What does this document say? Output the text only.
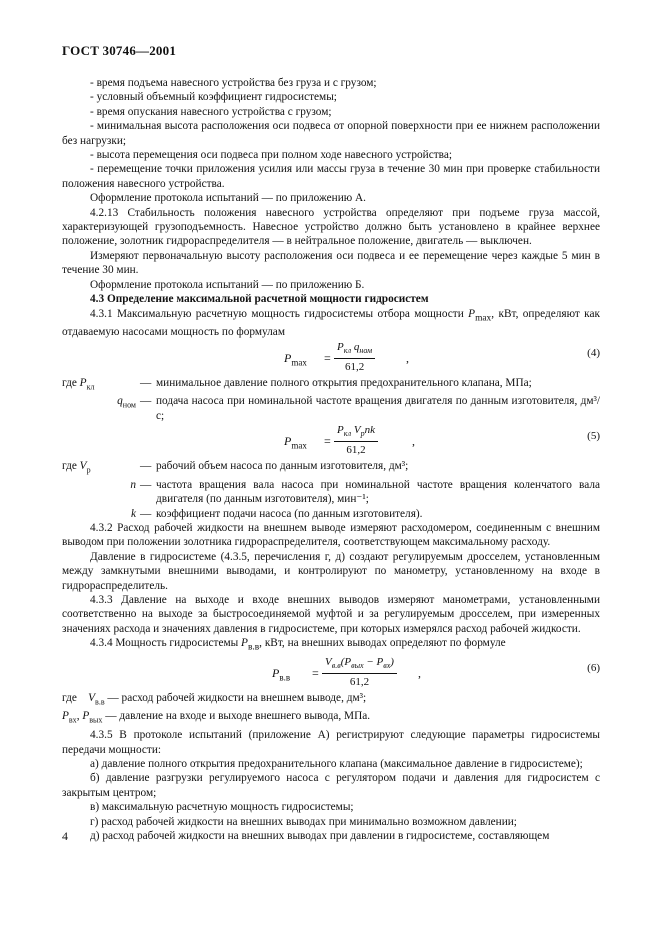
ГОСТ 30746—2001

- время подъема навесного устройства без груза и с грузом;

- условный объемный коэффициент гидросистемы;

- время опускания навесного устройства с грузом;

- минимальная высота расположения оси подвеса от опорной поверхности при ее нижнем расположении без нагрузки;

- высота перемещения оси подвеса при полном ходе навесного устройства;

- перемещение точки приложения усилия или массы груза в течение 30 мин при проверке стабильности положения навесного устройства.

Оформление протокола испытаний — по приложению А.

4.2.13 Стабильность положения навесного устройства определяют при подъеме груза массой, характеризующей грузоподъемность. Навесное устройство должно быть установлено в крайнее верхнее положение, золотник гидрораспределителя — в нейтральное положение, двигатель — выключен.

Измеряют первоначальную высоту расположения оси подвеса и ее перемещение через каждые 5 мин в течение 30 мин.

Оформление протокола испытаний — по приложению Б.

4.3 Определение максимальной расчетной мощности гидросистем

4.3.1 Максимальную расчетную мощность гидросистемы отбора мощности $P_{max}$, кВт, определяют как отдаваемую насосами мощность по формулам

$P_{max}$ =
$P_{кл}$ $q_{ном}$
61,2
,	(4)
где $P_{кл}$	— минимальное давление полного открытия предохранительного клапана, МПа;
$q_{ном}$ — подача насоса при номинальной частоте вращения двигателя по данным изготовителя, дм³/с;
$P_{max}$ =
$P_{кл}$ $V_рnk$
61,2
,	(5)
где $V_р$	— рабочий объем насоса по данным изготовителя, дм³;
n — частота вращения вала насоса при номинальной частоте вращения коленчатого вала двигателя (по данным изготовителя), мин⁻¹;
k — коэффициент подачи насоса (по данным изготовителя).

4.3.2 Расход рабочей жидкости на внешнем выводе измеряют расходомером, соединенным с внешним выводом при положении золотника гидрораспределителя, соответствующем максимальному расходу.

Давление в гидросистеме (4.3.5, перечисления г, д) создают регулируемым дросселем, установленным между замкнутыми внешними выводами, и контролируют по манометру, установленному на входе в гидрораспределитель.

4.3.3 Давление на выходе и входе внешних выводов измеряют манометрами, установленными соответственно на выходе за быстросоединяемой муфтой и за регулируемым дросселем, при измеренных значениях расхода и значениях давления в гидросистеме, при которых измерялся расход рабочей жидкости.

4.3.4 Мощность гидросистемы $P_{в.в}$, кВт, на внешних выводах определяют по формуле

$P_{в.в}$ =
$V_{в.в}(P_{вых} - P_{вх})$
61,2
,	(6)

где    $V_{в.в}$ — расход рабочей жидкости на внешнем выводе, дм³;

$P_{вх}$, $P_{вых}$ — давление на входе и выходе внешнего вывода, МПа.

4.3.5 В протоколе испытаний (приложение А) регистрируют следующие параметры гидросистемы передачи мощности:

а) давление полного открытия предохранительного клапана (максимальное давление в гидросистеме);

б) давление разгрузки регулируемого насоса с регулятором подачи и давления для гидросистем с закрытым центром;

в) максимальную расчетную мощность гидросистемы;

г) расход рабочей жидкости на внешних выводах при минимально возможном давлении;

д) расход рабочей жидкости на внешних выводах при давлении в гидросистеме, составляющем

4
